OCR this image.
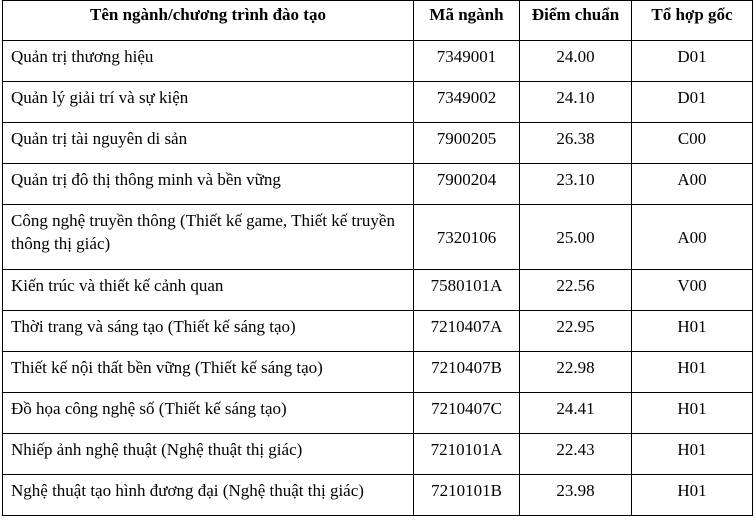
Tên ngành/chương trình đào tạo	Mã ngành	Điểm chuẩn	Tổ hợp gốc
Quản trị thương hiệu	7349001	24.00	D01
Quản lý giải trí và sự kiện	7349002	24.10	D01
Quản trị tài nguyên di sản	7900205	26.38	C00
Quản trị đô thị thông minh và bền vững	7900204	23.10	A00
Công nghệ truyền thông (Thiết kế game, Thiết kế truyền thông thị giác)	7320106	25.00	A00
Kiến trúc và thiết kế cảnh quan	7580101A	22.56	V00
Thời trang và sáng tạo (Thiết kế sáng tạo)	7210407A	22.95	H01
Thiết kế nội thất bền vững (Thiết kế sáng tạo)	7210407B	22.98	H01
Đồ họa công nghệ số (Thiết kế sáng tạo)	7210407C	24.41	H01
Nhiếp ảnh nghệ thuật (Nghệ thuật thị giác)	7210101A	22.43	H01
Nghệ thuật tạo hình đương đại (Nghệ thuật thị giác)	7210101B	23.98	H01
